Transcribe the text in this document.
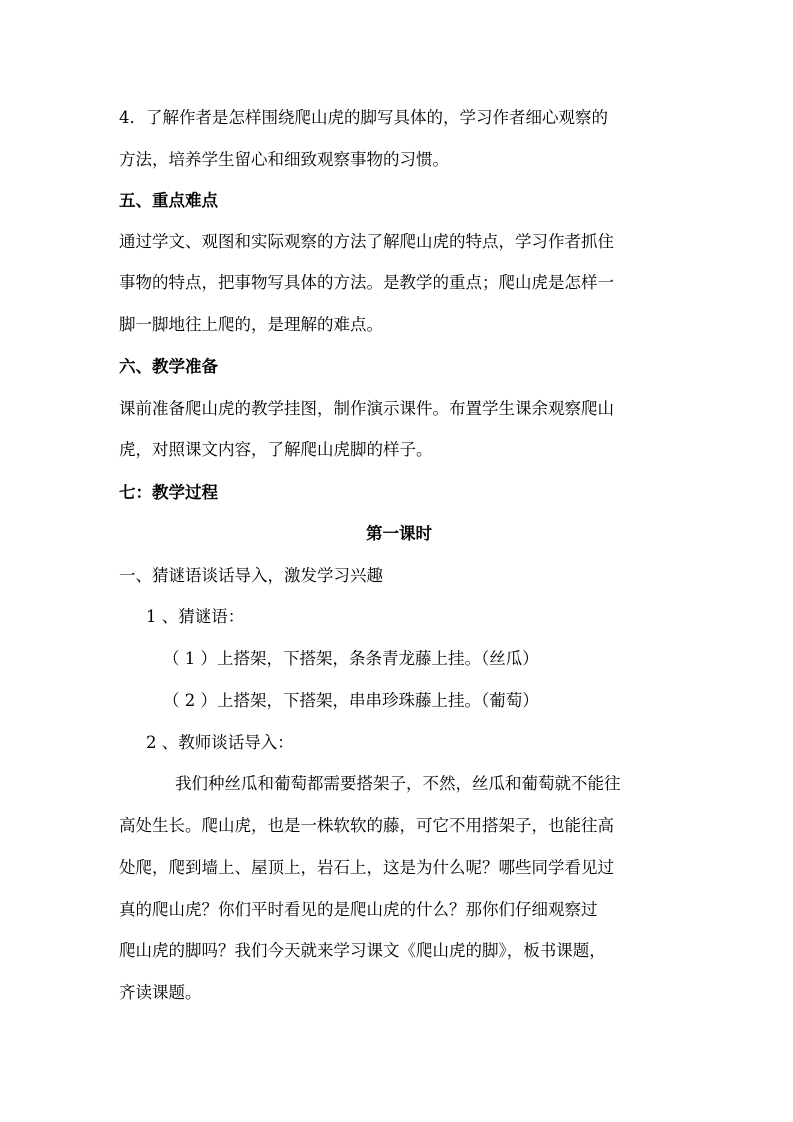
4．了解作者是怎样围绕爬山虎的脚写具体的，学习作者细心观察的
方法，培养学生留心和细致观察事物的习惯。
五、重点难点
通过学文、观图和实际观察的方法了解爬山虎的特点，学习作者抓住
事物的特点，把事物写具体的方法。是教学的重点；爬山虎是怎样一
脚一脚地往上爬的，是理解的难点。
六、教学准备
课前准备爬山虎的教学挂图，制作演示课件。布置学生课余观察爬山
虎，对照课文内容，了解爬山虎脚的样子。
七：教学过程
第一课时
一、猜谜语谈话导入，激发学习兴趣
1 、猜谜语：
（ 1 ）上搭架，下搭架，条条青龙藤上挂。（丝瓜）
（ 2 ）上搭架，下搭架，串串珍珠藤上挂。（葡萄）
2 、教师谈话导入：
我们种丝瓜和葡萄都需要搭架子，不然，丝瓜和葡萄就不能往
高处生长。爬山虎，也是一株软软的藤，可它不用搭架子，也能往高
处爬，爬到墙上、屋顶上，岩石上，这是为什么呢？哪些同学看见过
真的爬山虎？你们平时看见的是爬山虎的什么？那你们仔细观察过
爬山虎的脚吗？我们今天就来学习课文《爬山虎的脚》，板书课题，
齐读课题。
